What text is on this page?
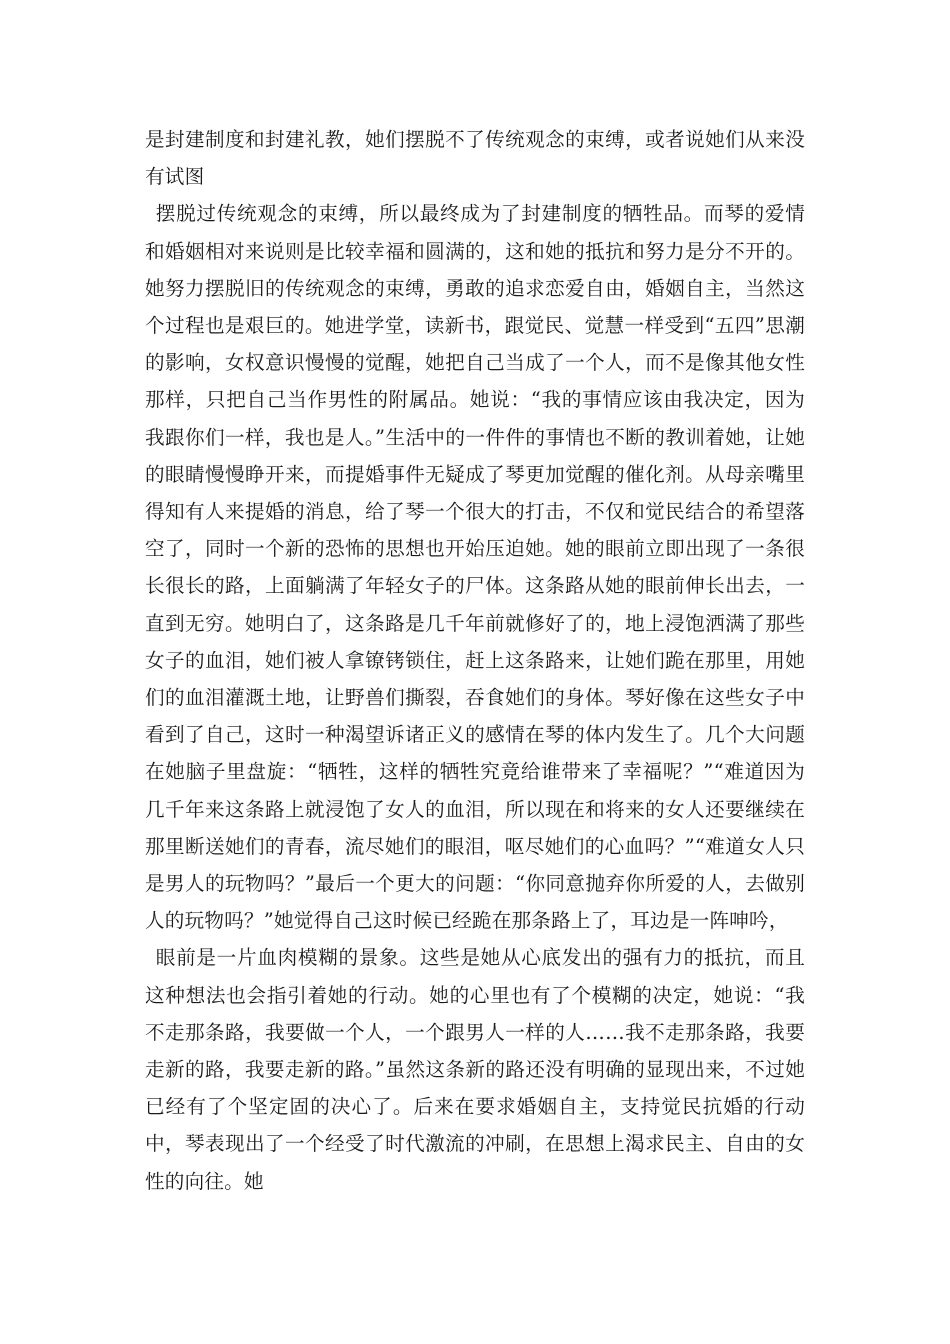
是封建制度和封建礼教，她们摆脱不了传统观念的束缚，或者说她们从来没有试图

摆脱过传统观念的束缚，所以最终成为了封建制度的牺牲品。而琴的爱情和婚姻相对来说则是比较幸福和圆满的，这和她的抵抗和努力是分不开的。她努力摆脱旧的传统观念的束缚，勇敢的追求恋爱自由，婚姻自主，当然这个过程也是艰巨的。她进学堂，读新书，跟觉民、觉慧一样受到“五四”思潮的影响，女权意识慢慢的觉醒，她把自己当成了一个人，而不是像其他女性那样，只把自己当作男性的附属品。她说：“我的事情应该由我决定，因为我跟你们一样，我也是人。”生活中的一件件的事情也不断的教训着她，让她的眼睛慢慢睁开来，而提婚事件无疑成了琴更加觉醒的催化剂。从母亲嘴里得知有人来提婚的消息，给了琴一个很大的打击，不仅和觉民结合的希望落空了，同时一个新的恐怖的思想也开始压迫她。她的眼前立即出现了一条很长很长的路，上面躺满了年轻女子的尸体。这条路从她的眼前伸长出去，一直到无穷。她明白了，这条路是几千年前就修好了的，地上浸饱洒满了那些女子的血泪，她们被人拿镣铐锁住，赶上这条路来，让她们跪在那里，用她们的血泪灌溉土地，让野兽们撕裂，吞食她们的身体。琴好像在这些女子中看到了自己，这时一种渴望诉诸正义的感情在琴的体内发生了。几个大问题在她脑子里盘旋：“牺牲，这样的牺牲究竟给谁带来了幸福呢？”“难道因为几千年来这条路上就浸饱了女人的血泪，所以现在和将来的女人还要继续在那里断送她们的青春，流尽她们的眼泪，呕尽她们的心血吗？”“难道女人只是男人的玩物吗？”最后一个更大的问题：“你同意抛弃你所爱的人，去做别人的玩物吗？”她觉得自己这时候已经跪在那条路上了，耳边是一阵呻吟，

眼前是一片血肉模糊的景象。这些是她从心底发出的强有力的抵抗，而且这种想法也会指引着她的行动。她的心里也有了个模糊的决定，她说：“我不走那条路，我要做一个人，一个跟男人一样的人……我不走那条路，我要走新的路，我要走新的路。”虽然这条新的路还没有明确的显现出来，不过她已经有了个坚定固的决心了。后来在要求婚姻自主，支持觉民抗婚的行动中，琴表现出了一个经受了时代激流的冲刷，在思想上渴求民主、自由的女性的向往。她
